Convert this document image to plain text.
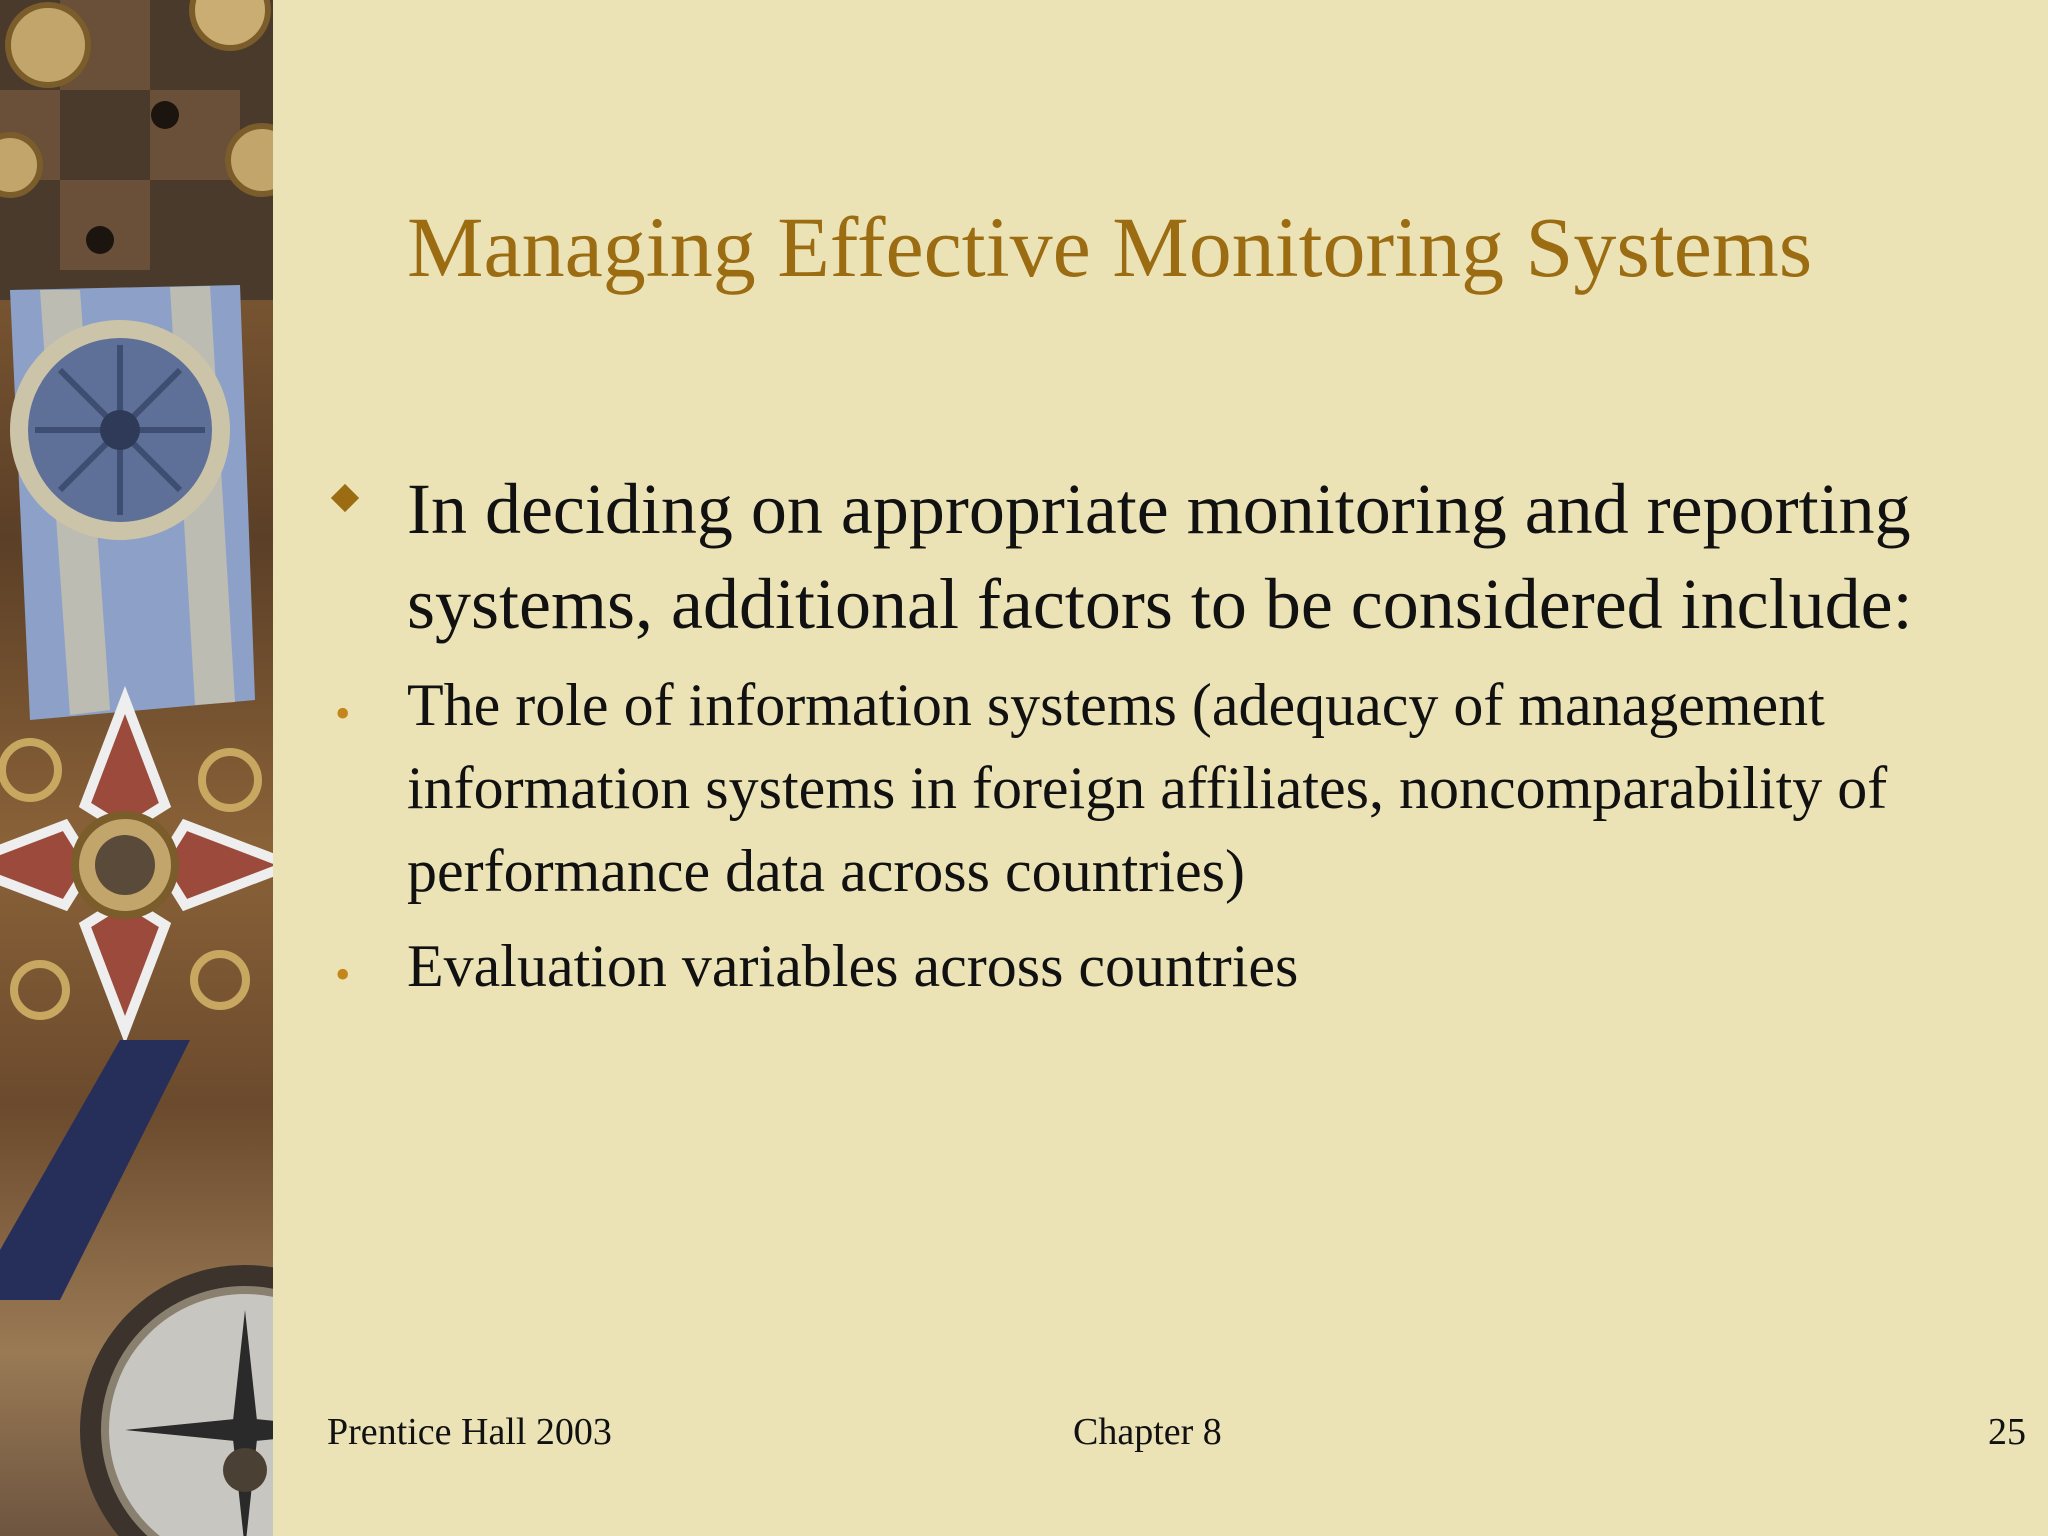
Managing Effective Monitoring Systems
In deciding on appropriate monitoring and reporting systems, additional factors to be considered include:
• The role of information systems (adequacy of management information systems in foreign affiliates, noncomparability of performance data across countries)
• Evaluation variables across countries
Prentice Hall 2003	Chapter 8	25
